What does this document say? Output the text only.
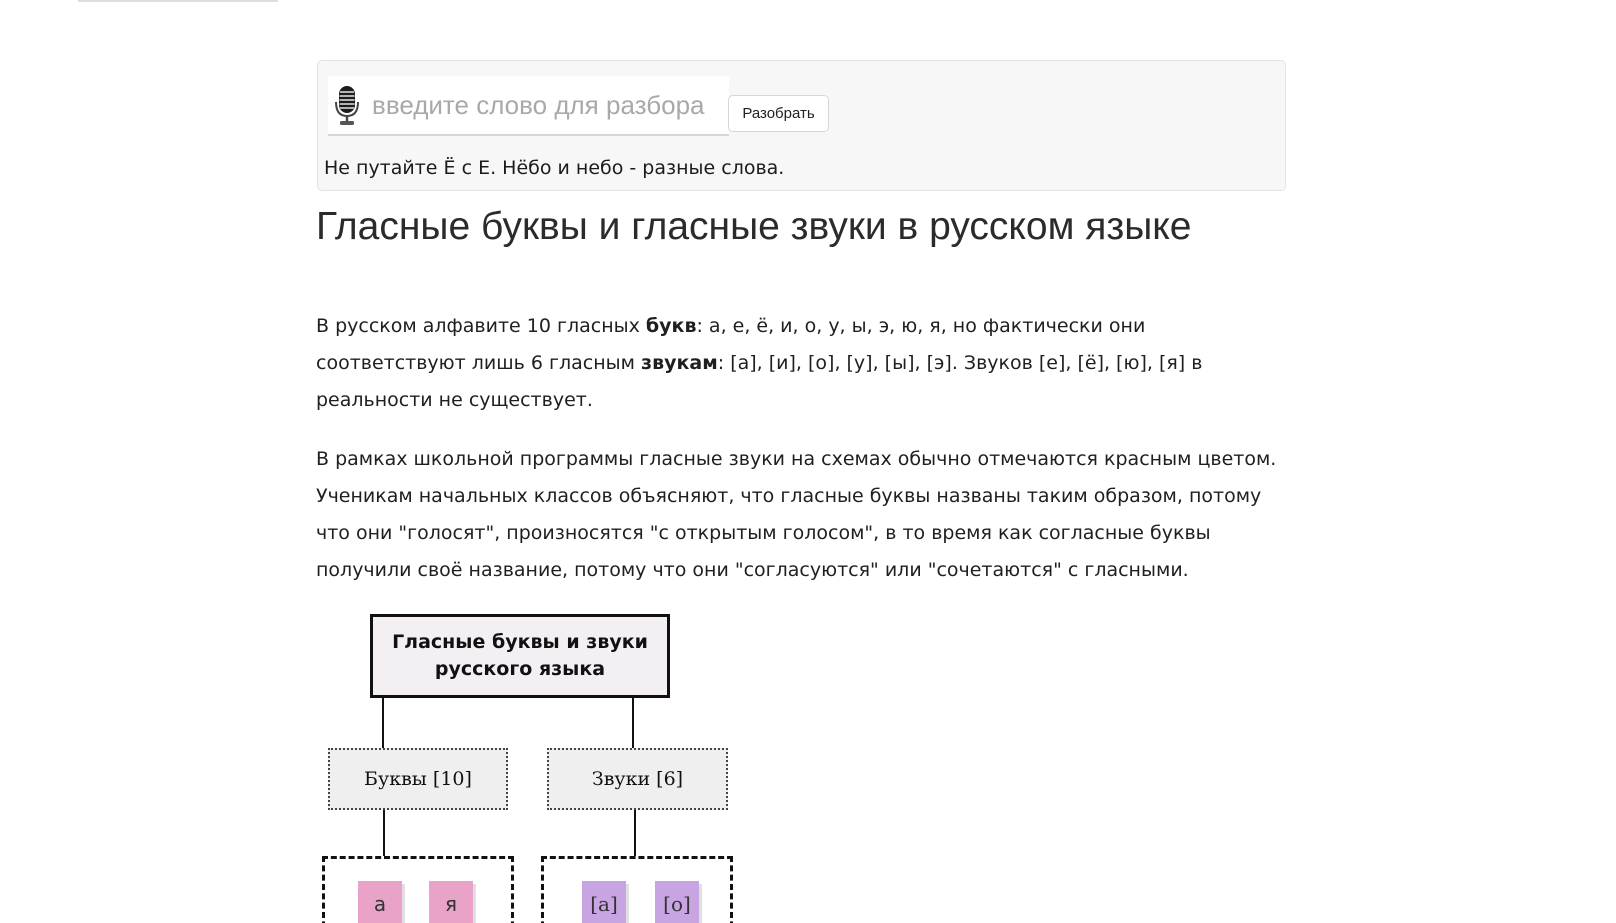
введите слово для разбора
Разобрать
Не путайте Ё с Е. Нёбо и небо - разные слова.
Гласные буквы и гласные звуки в русском языке

В русском алфавите 10 гласных букв: а, е, ё, и, о, у, ы, э, ю, я, но фактически они соответствуют лишь 6 гласным звукам: [а], [и], [о], [у], [ы], [э]. Звуков [е], [ё], [ю], [я] в реальности не существует.

В рамках школьной программы гласные звуки на схемах обычно отмечаются красным цветом. Ученикам начальных классов объясняют, что гласные буквы названы таким образом, потому что они "голосят", произносятся "с открытым голосом", в то время как согласные буквы получили своё название, потому что они "согласуются" или "сочетаются" с гласными.

Гласные буквы и звуки
русского языка
Буквы [10]	Звуки [6]
а	я	[а]	[о]
